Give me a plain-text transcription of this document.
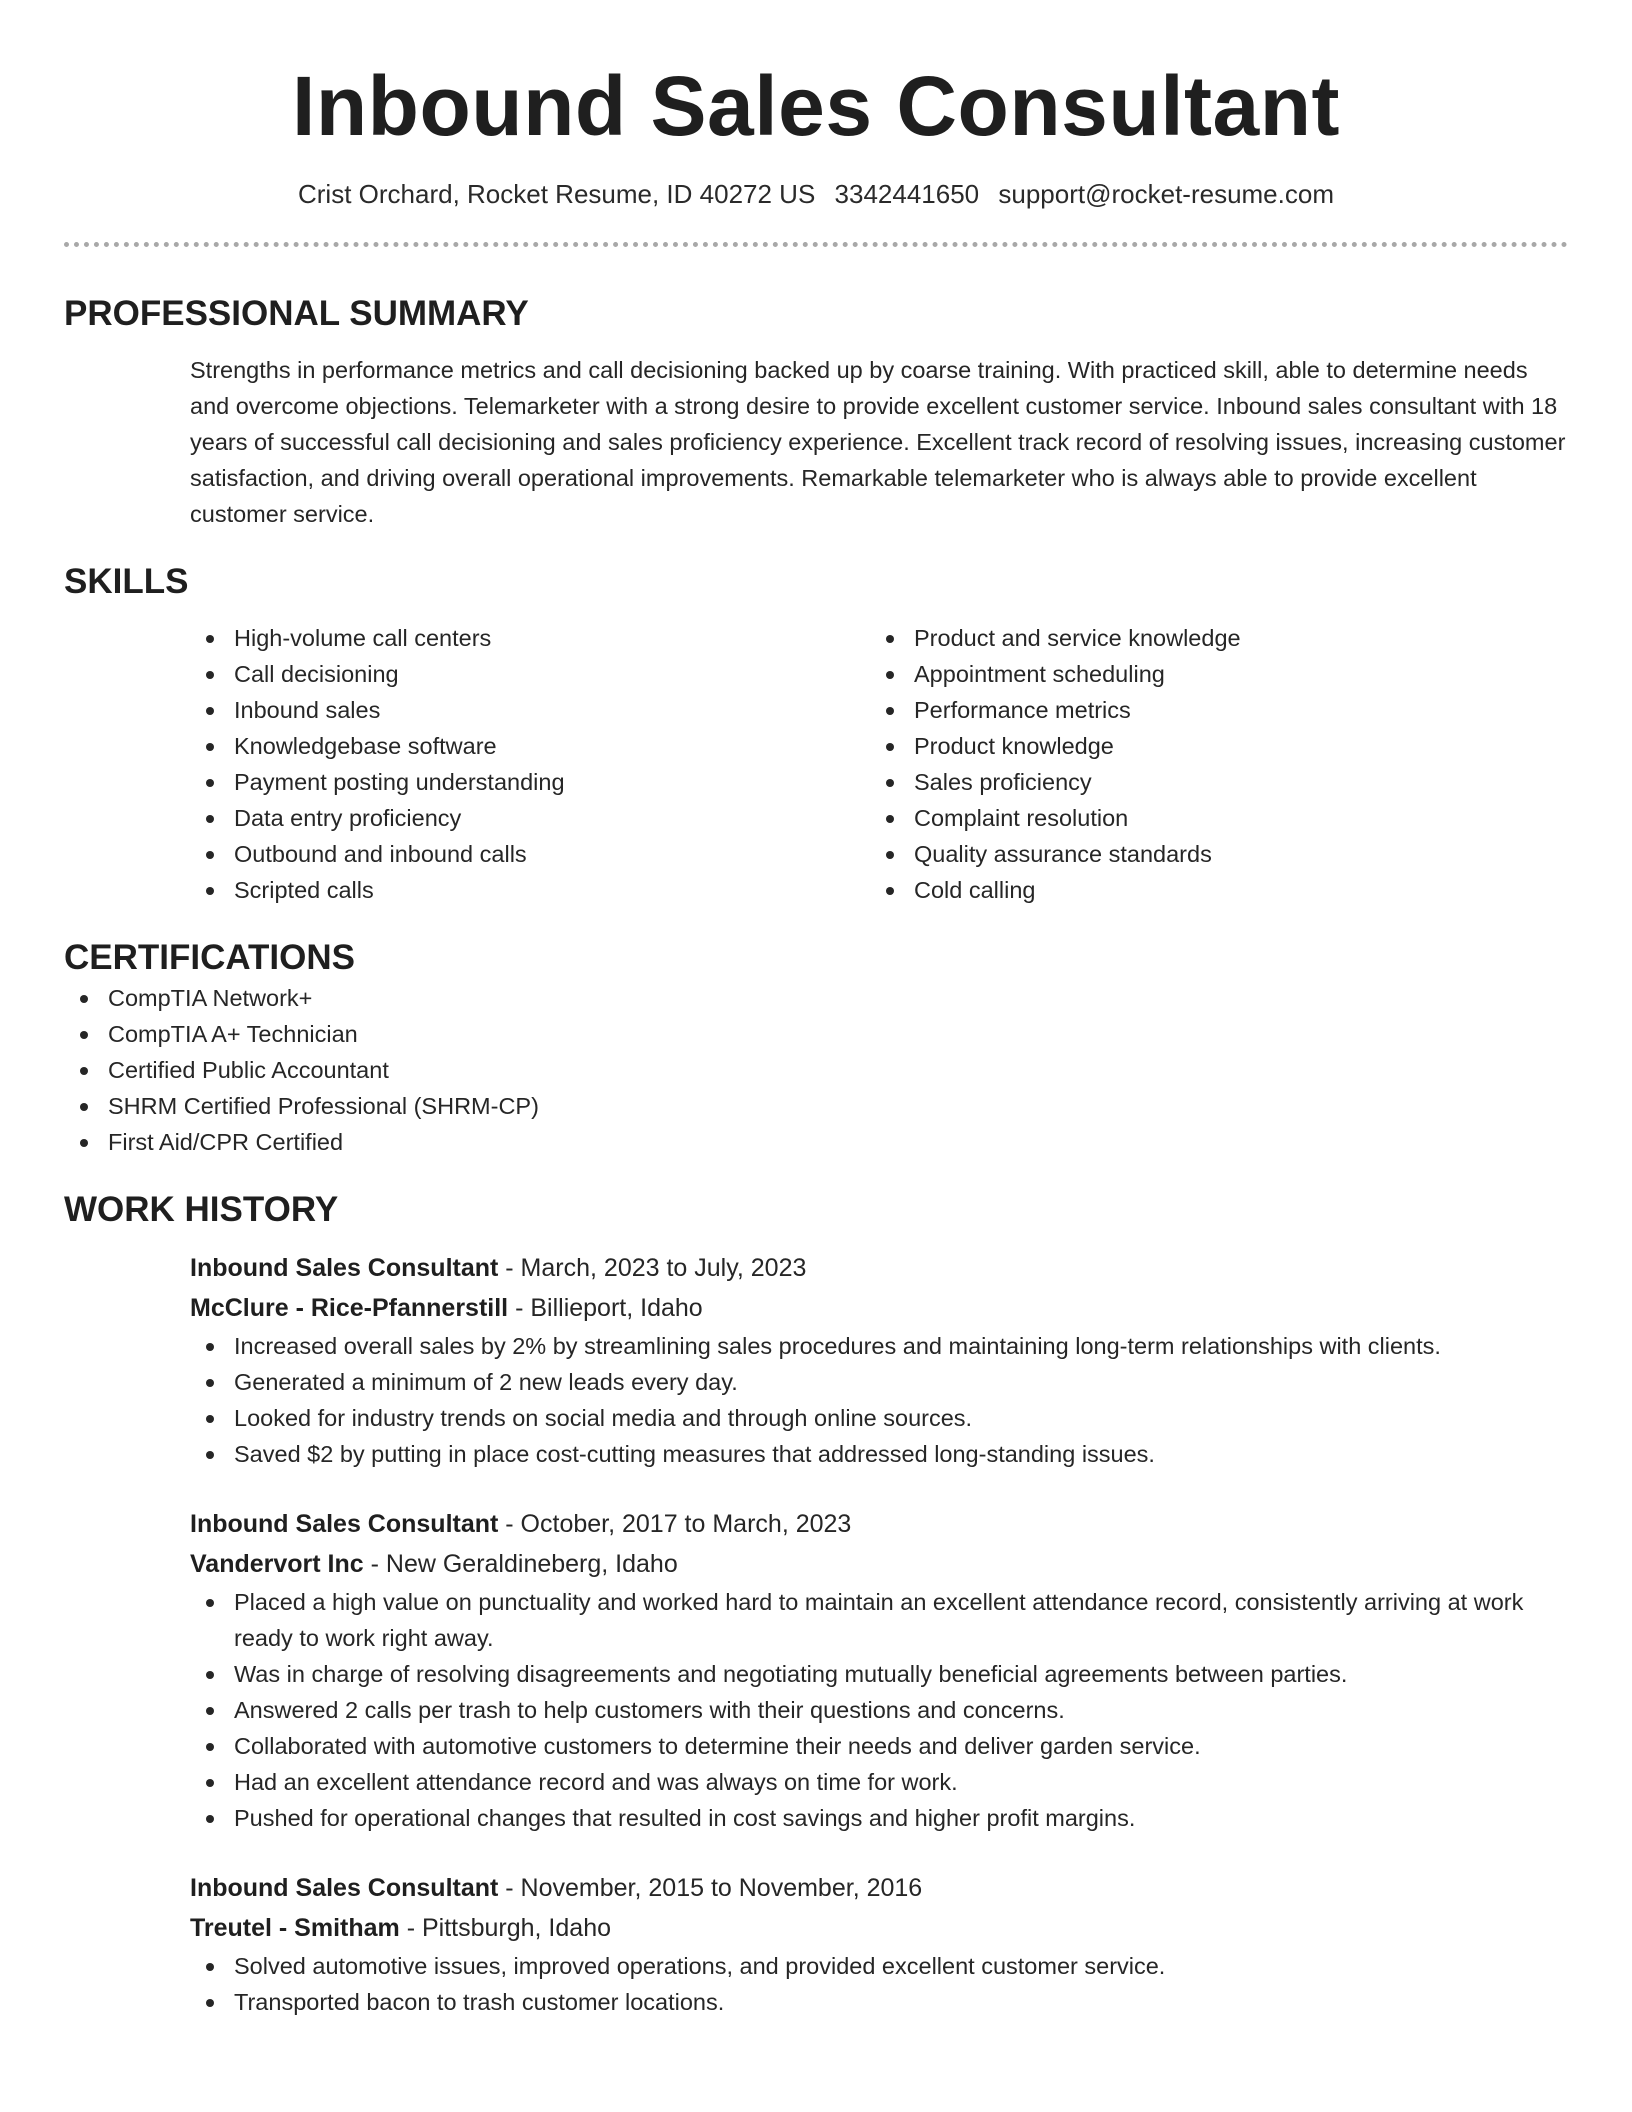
Inbound Sales Consultant
Crist Orchard, Rocket Resume, ID 40272 US 3342441650 support@rocket-resume.com
PROFESSIONAL SUMMARY

Strengths in performance metrics and call decisioning backed up by coarse training. With practiced skill, able to determine needs and overcome objections. Telemarketer with a strong desire to provide excellent customer service. Inbound sales consultant with 18 years of successful call decisioning and sales proficiency experience. Excellent track record of resolving issues, increasing customer satisfaction, and driving overall operational improvements. Remarkable telemarketer who is always able to provide excellent customer service.

SKILLS
High-volume call centers
Call decisioning
Inbound sales
Knowledgebase software
Payment posting understanding
Data entry proficiency
Outbound and inbound calls
Scripted calls
Product and service knowledge
Appointment scheduling
Performance metrics
Product knowledge
Sales proficiency
Complaint resolution
Quality assurance standards
Cold calling
CERTIFICATIONS
CompTIA Network+
CompTIA A+ Technician
Certified Public Accountant
SHRM Certified Professional (SHRM-CP)
First Aid/CPR Certified
WORK HISTORY
Inbound Sales Consultant - March, 2023 to July, 2023
McClure - Rice-Pfannerstill - Billieport, Idaho
Increased overall sales by 2% by streamlining sales procedures and maintaining long-term relationships with clients.
Generated a minimum of 2 new leads every day.
Looked for industry trends on social media and through online sources.
Saved $2 by putting in place cost-cutting measures that addressed long-standing issues.
Inbound Sales Consultant - October, 2017 to March, 2023
Vandervort Inc - New Geraldineberg, Idaho
Placed a high value on punctuality and worked hard to maintain an excellent attendance record, consistently arriving at work ready to work right away.
Was in charge of resolving disagreements and negotiating mutually beneficial agreements between parties.
Answered 2 calls per trash to help customers with their questions and concerns.
Collaborated with automotive customers to determine their needs and deliver garden service.
Had an excellent attendance record and was always on time for work.
Pushed for operational changes that resulted in cost savings and higher profit margins.
Inbound Sales Consultant - November, 2015 to November, 2016
Treutel - Smitham - Pittsburgh, Idaho
Solved automotive issues, improved operations, and provided excellent customer service.
Transported bacon to trash customer locations.
